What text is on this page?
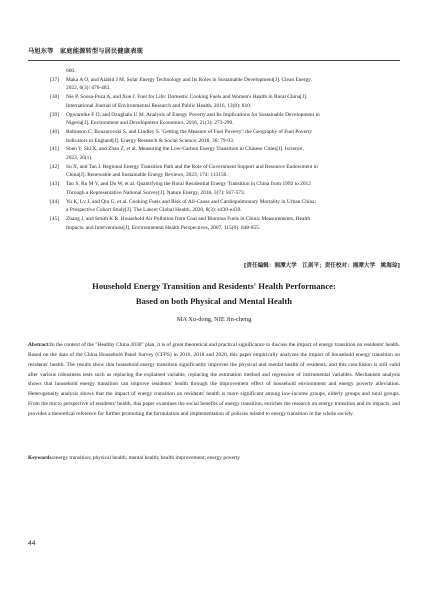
马旭东等　家庭能源转型与居民健康表现
660.
[37]	Maka A O, and Alabid J M. Solar Energy Technology and Its Roles in Sustainable Development[J]. Clean Energy,
2022, 6(3): 476-483.
[38]	Nie P, Sousa-Poza A, and Xue J. Fuel for Life: Domestic Cooking Fuels and Women's Health in Rural China[J].
International Journal of Environmental Research and Public Health, 2016, 13(8): 810.
[39]	Ogwumike F O, and Ozughalu U M. Analysis of Energy Poverty and Its Implications for Sustainable Development in
Nigeria[J]. Environment and Development Economics, 2016, 21(3): 273-290.
[40]	Robinson C, Bouzarovski S, and Lindley S. 'Getting the Measure of Fuel Poverty': the Geography of Fuel Poverty
Indicators in England[J]. Energy Research & Social Science, 2018, 36: 79-93.
[41]	Shen Y, Shi X, and Zhao Z, et al. Measuring the Low-Carbon Energy Transition in Chinese Cities[J]. Iscience,
2023, 26(1).
[42]	Su X, and Tan J. Regional Energy Transition Path and the Role of Government Support and Resource Endowment in
China[J]. Renewable and Sustainable Energy Reviews, 2023, 174: 113150.
[43]	Tao S, Ru M Y, and Du W, et al. Quantifying the Rural Residential Energy Transition in China from 1992 to 2012
Through a Representative National Survey[J]. Nature Energy, 2018, 3(7): 567-573.
[44]	Yu K, Lv J, and Qiu G, et al. Cooking Fuels and Risk of All-Cause and Cardiopulmonary Mortality in Urban China:
a Prospective Cohort Study[J]. The Lancet Global Health, 2020, 8(3): e430-e439.
[45]	Zhang J, and Smith K R. Household Air Pollution from Coal and Biomass Fuels in China: Measurements, Health
Impacts, and Interventions[J]. Environmental Health Perspectives, 2007, 115(6): 848-855.
[责任编辑：湘潭大学　江剑平；责任校对：湘潭大学　姚海琮]
Household Energy Transition and Residents' Health Performance:
Based on both Physical and Mental Health
MA Xu-dong, NIE Jin-cheng
Abstract:In the context of the "Healthy China 2030" plan, it is of great theoretical and practical significance to discuss the impact of energy transition on residents' health. Based on the data of the China Household Panel Survey (CFPS) in 2016, 2018 and 2020, this paper empirically analyzes the impact of household energy transition on residents' health. The results show that household energy transition significantly improves the physical and mental health of residents, and this conclusion is still valid after various robustness tests such as replacing the explained variable, replacing the estimation method and regression of instrumental variables. Mechanism analysis shows that household energy transition can improve residents' health through the improvement effect of household environment and energy poverty alleviation. Heterogeneity analysis shows that the impact of energy transition on residents' health is more significant among low-income groups, elderly groups and rural groups. From the micro perspective of residents' health, this paper examines the social benefits of energy transition, enriches the research on energy transition and its impacts, and provides a theoretical reference for further promoting the formulation and implementation of policies related to energy transition in the whole society.
Keywords:energy transition; physical health; mental health; health improvement; energy poverty
44
